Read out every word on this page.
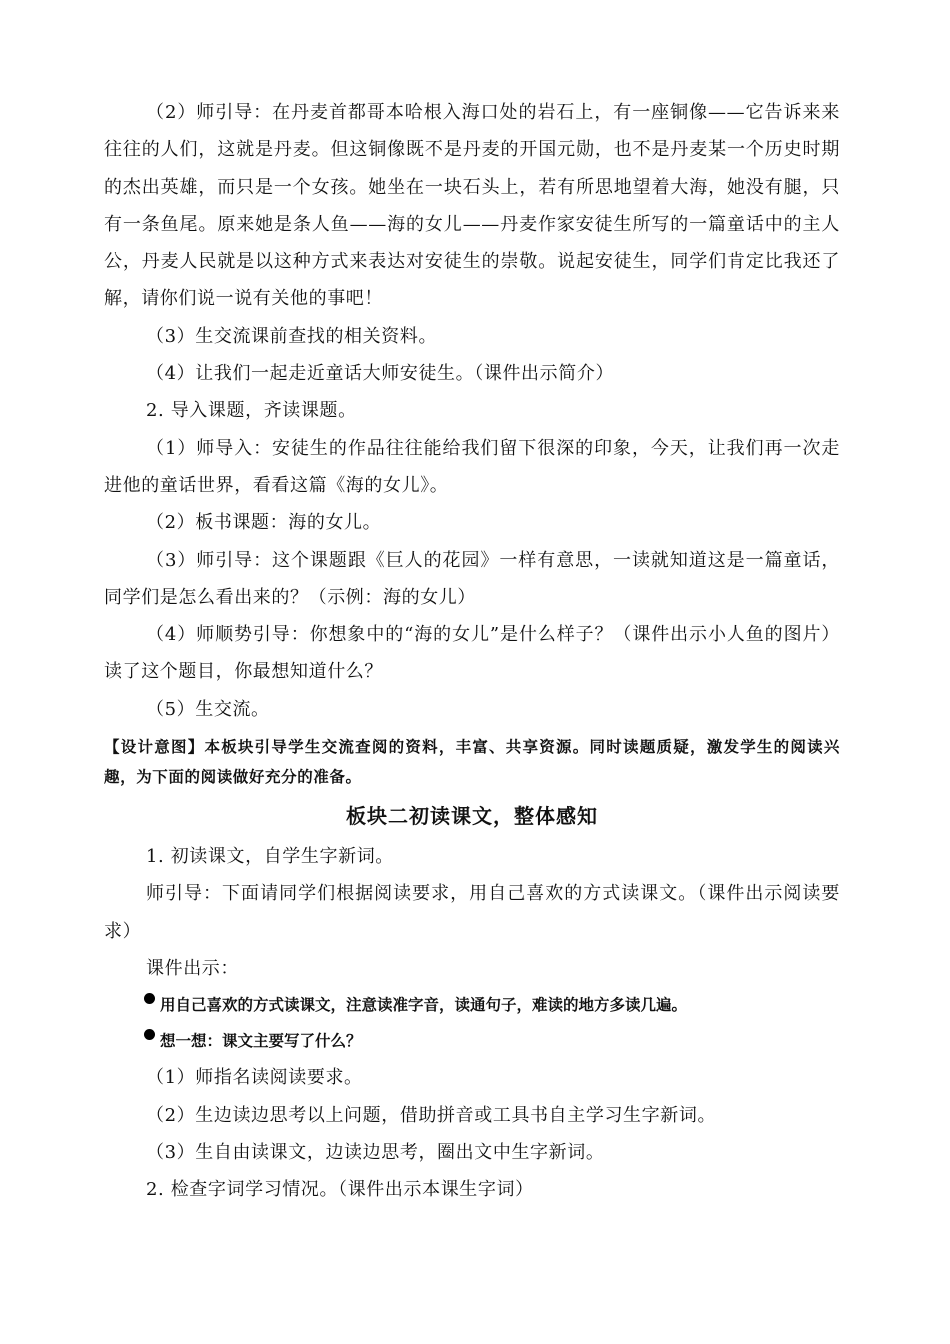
（2）师引导：在丹麦首都哥本哈根入海口处的岩石上，有一座铜像——它告诉来来往往的人们，这就是丹麦。但这铜像既不是丹麦的开国元勋，也不是丹麦某一个历史时期的杰出英雄，而只是一个女孩。她坐在一块石头上，若有所思地望着大海，她没有腿，只有一条鱼尾。原来她是条人鱼——海的女儿——丹麦作家安徒生所写的一篇童话中的主人公，丹麦人民就是以这种方式来表达对安徒生的崇敬。说起安徒生，同学们肯定比我还了解，请你们说一说有关他的事吧！

（3）生交流课前查找的相关资料。

（4）让我们一起走近童话大师安徒生。（课件出示简介）

2. 导入课题，齐读课题。

（1）师导入：安徒生的作品往往能给我们留下很深的印象，今天，让我们再一次走进他的童话世界，看看这篇《海的女儿》。

（2）板书课题：海的女儿。

（3）师引导：这个课题跟《巨人的花园》一样有意思，一读就知道这是一篇童话，同学们是怎么看出来的？（示例：海的女儿）

（4）师顺势引导：你想象中的“海的女儿”是什么样子？（课件出示小人鱼的图片）读了这个题目，你最想知道什么？

（5）生交流。

【设计意图】本板块引导学生交流查阅的资料，丰富、共享资源。同时读题质疑，激发学生的阅读兴趣，为下面的阅读做好充分的准备。

板块二初读课文，整体感知

1. 初读课文，自学生字新词。

师引导：下面请同学们根据阅读要求，用自己喜欢的方式读课文。（课件出示阅读要求）

课件出示：

用自己喜欢的方式读课文，注意读准字音，读通句子，难读的地方多读几遍。
想一想：课文主要写了什么？

（1）师指名读阅读要求。

（2）生边读边思考以上问题，借助拼音或工具书自主学习生字新词。

（3）生自由读课文，边读边思考，圈出文中生字新词。

2. 检查字词学习情况。（课件出示本课生字词）
